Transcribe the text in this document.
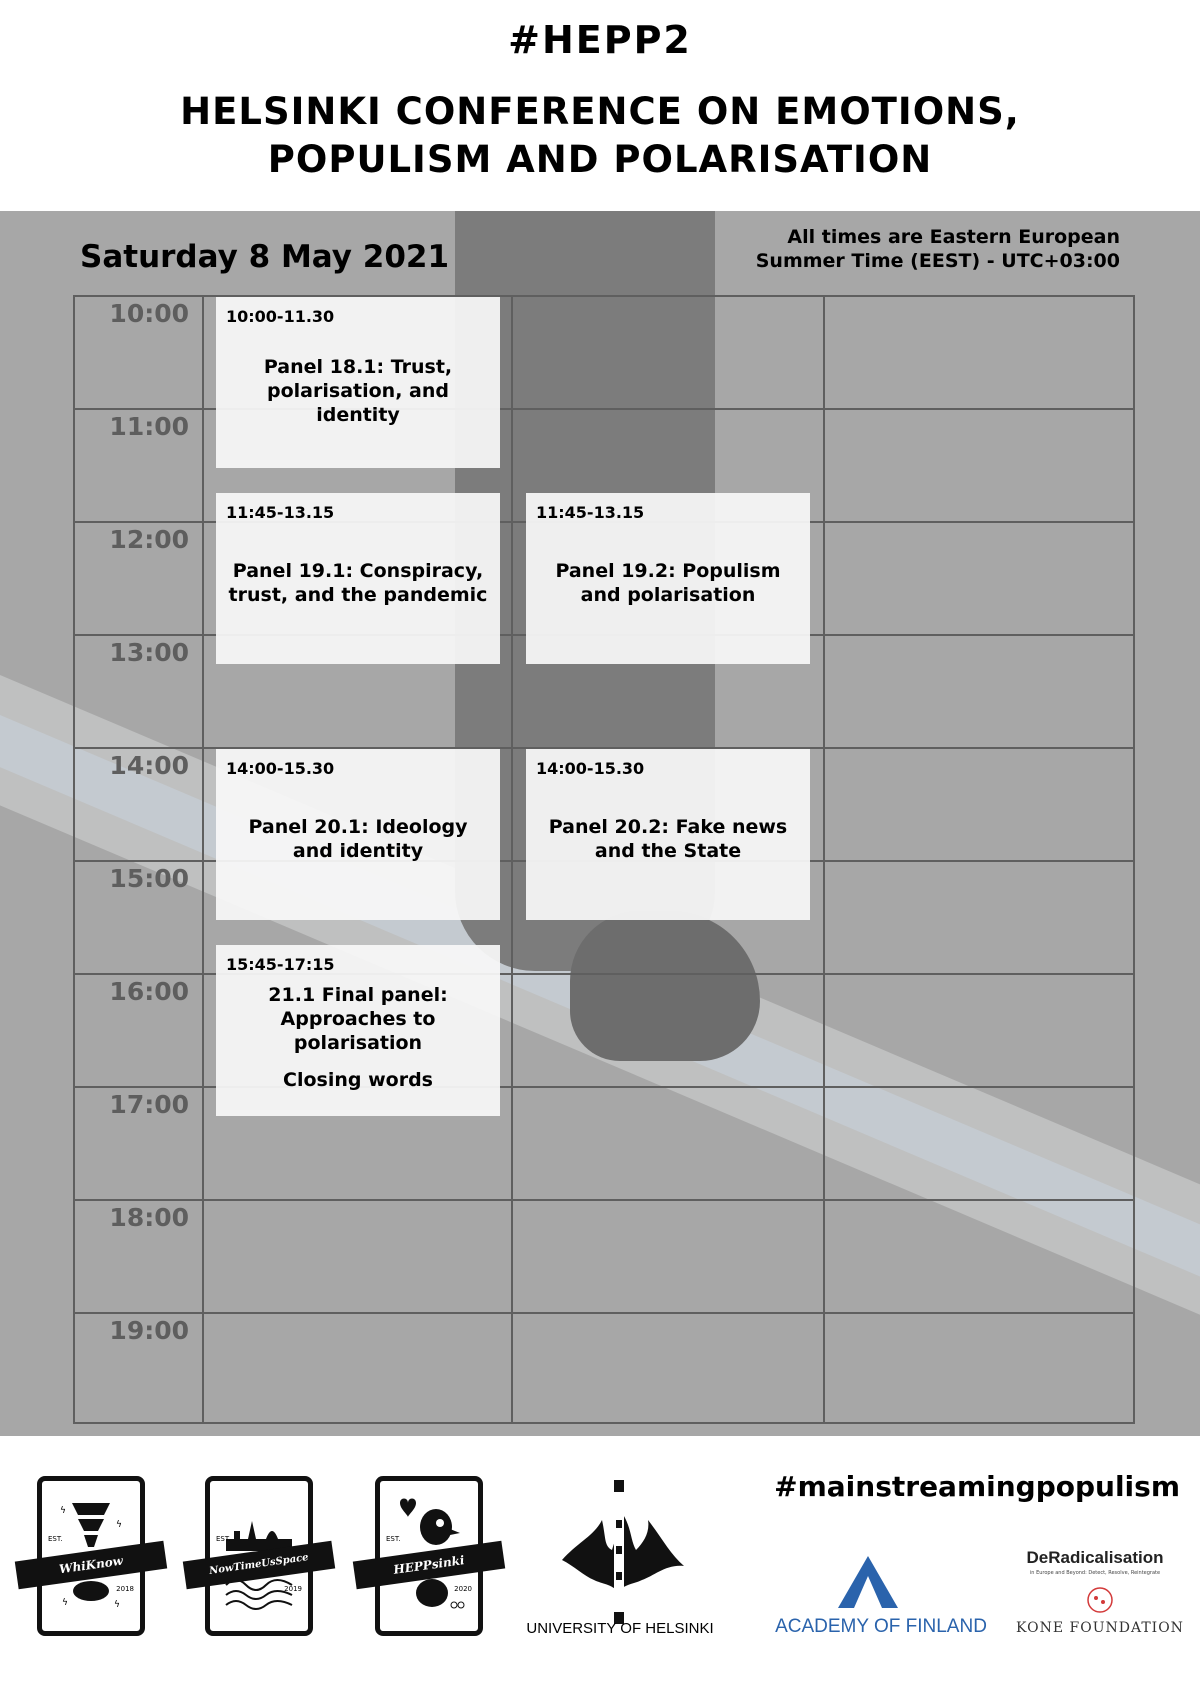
#HEPP2
HELSINKI CONFERENCE ON EMOTIONS,
POPULISM AND POLARISATION
Saturday 8 May 2021
All times are Eastern European
Summer Time (EEST) - UTC+03:00
10:00
11:00
12:00
13:00
14:00
15:00
16:00
17:00
18:00
19:00
10:00-11.30
Panel 18.1: Trust,
polarisation, and
identity
11:45-13.15
Panel 19.1: Conspiracy,
trust, and the pandemic
11:45-13.15
Panel 19.2: Populism
and polarisation
14:00-15.30
Panel 20.1: Ideology
and identity
14:00-15.30
Panel 20.2: Fake news
and the State
15:45-17:15
21.1 Final panel:
Approaches to
polarisation
Closing words
ϟ
ϟ
ϟ	ϟ
EST.
WhiKnow
2018
EST.
NowTimeUsSpace
2019
EST.
HEPPsinki
2020
UNIVERSITY OF HELSINKI
#mainstreamingpopulism
ACADEMY OF FINLAND
DeRadicalisation
in Europe and Beyond: Detect, Resolve, Reintegrate
KONE FOUNDATION
